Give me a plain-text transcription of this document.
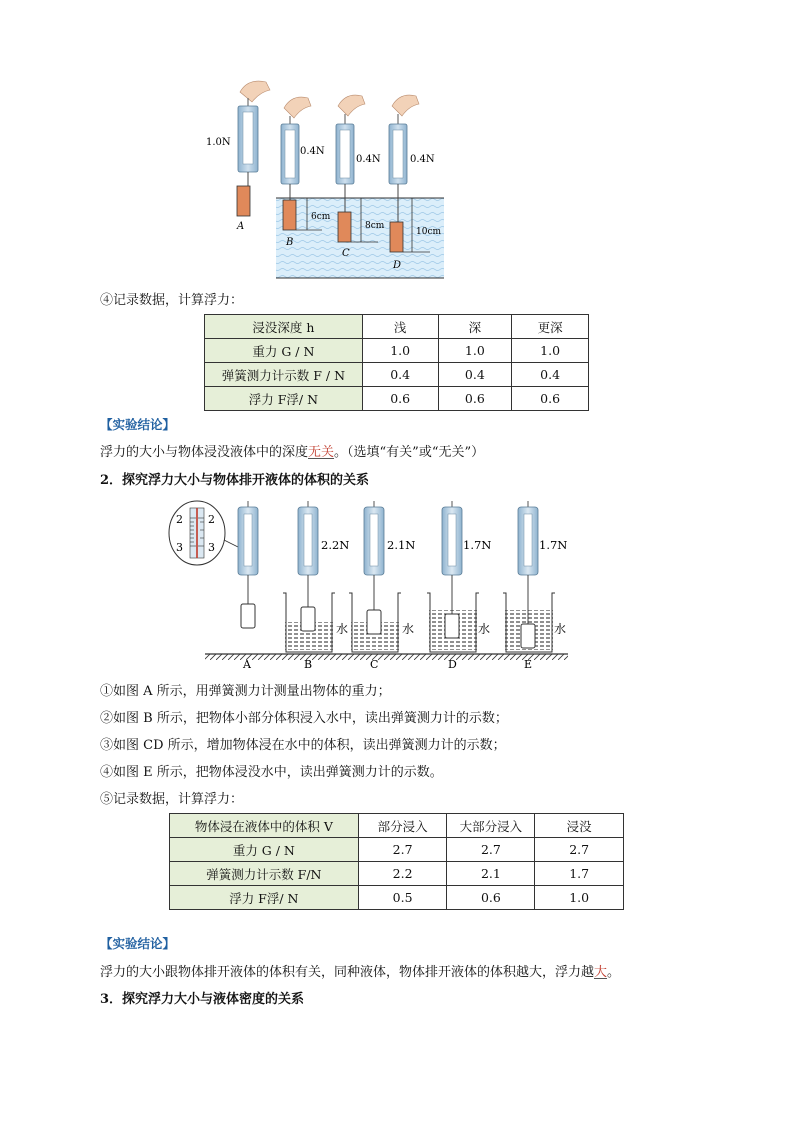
1.0N
0.4N
0.4N	0.4N
6cm
8cm
10cm
A
B
C
D
④记录数据，计算浮力：
浸没深度 h	浅	深	更深
重力 G / N	1.0	1.0	1.0
弹簧测力计示数 F / N	0.4	0.4	0.4
浮力 F浮/ N	0.6	0.6	0.6
【实验结论】
浮力的大小与物体浸没液体中的深度无关。（选填“有关”或“无关”）
2．探究浮力大小与物体排开液体的体积的关系
2 2
3 3	2.2N	2.1N	1.7N	1.7N
水	水	水	水
A	B	C	D	E
①如图 A 所示，用弹簧测力计测量出物体的重力；
②如图 B 所示，把物体小部分体积浸入水中，读出弹簧测力计的示数；
③如图 CD 所示，增加物体浸在水中的体积，读出弹簧测力计的示数；
④如图 E 所示，把物体浸没水中，读出弹簧测力计的示数。
⑤记录数据，计算浮力：
物体浸在液体中的体积 V	部分浸入	大部分浸入	浸没
重力 G / N	2.7	2.7	2.7
弹簧测力计示数 F/N	2.2	2.1	1.7
浮力 F浮/ N	0.5	0.6	1.0
【实验结论】
浮力的大小跟物体排开液体的体积有关，同种液体，物体排开液体的体积越大，浮力越大。
3．探究浮力大小与液体密度的关系
